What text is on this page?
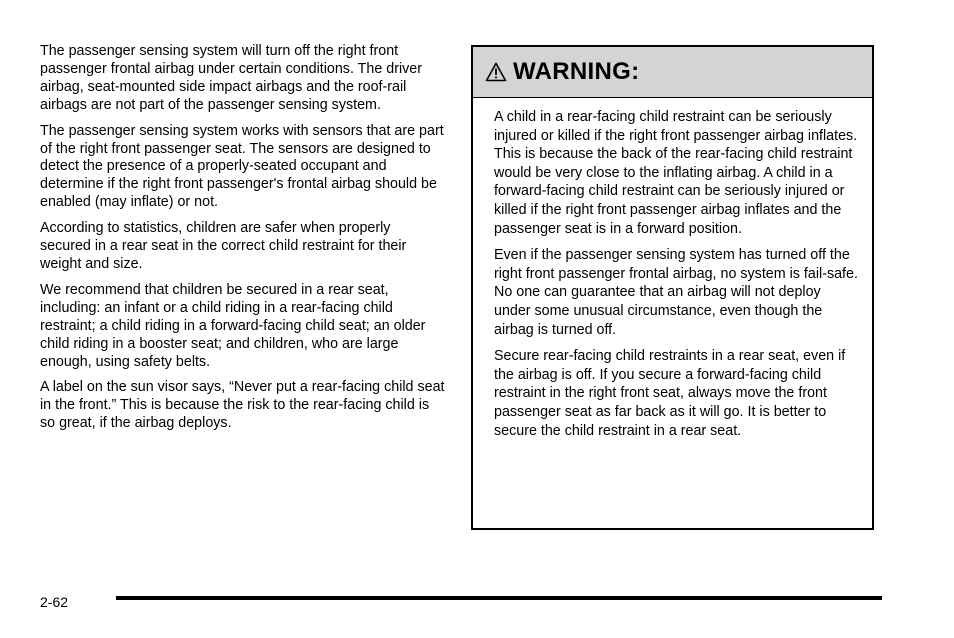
The passenger sensing system will turn off the right front passenger frontal airbag under certain conditions. The driver airbag, seat-mounted side impact airbags and the roof-rail airbags are not part of the passenger sensing system.

The passenger sensing system works with sensors that are part of the right front passenger seat. The sensors are designed to detect the presence of a properly-seated occupant and determine if the right front passenger's frontal airbag should be enabled (may inflate) or not.

According to statistics, children are safer when properly secured in a rear seat in the correct child restraint for their weight and size.

We recommend that children be secured in a rear seat, including: an infant or a child riding in a rear-facing child restraint; a child riding in a forward-facing child seat; an older child riding in a booster seat; and children, who are large enough, using safety belts.

A label on the sun visor says, “Never put a rear-facing child seat in the front.” This is because the risk to the rear-facing child is so great, if the airbag deploys.

WARNING:

A child in a rear-facing child restraint can be seriously injured or killed if the right front passenger airbag inflates. This is because the back of the rear-facing child restraint would be very close to the inflating airbag. A child in a forward-facing child restraint can be seriously injured or killed if the right front passenger airbag inflates and the passenger seat is in a forward position.

Even if the passenger sensing system has turned off the right front passenger frontal airbag, no system is fail-safe. No one can guarantee that an airbag will not deploy under some unusual circumstance, even though the airbag is turned off.

Secure rear-facing child restraints in a rear seat, even if the airbag is off. If you secure a forward-facing child restraint in the right front seat, always move the front passenger seat as far back as it will go. It is better to secure the child restraint in a rear seat.

2-62
